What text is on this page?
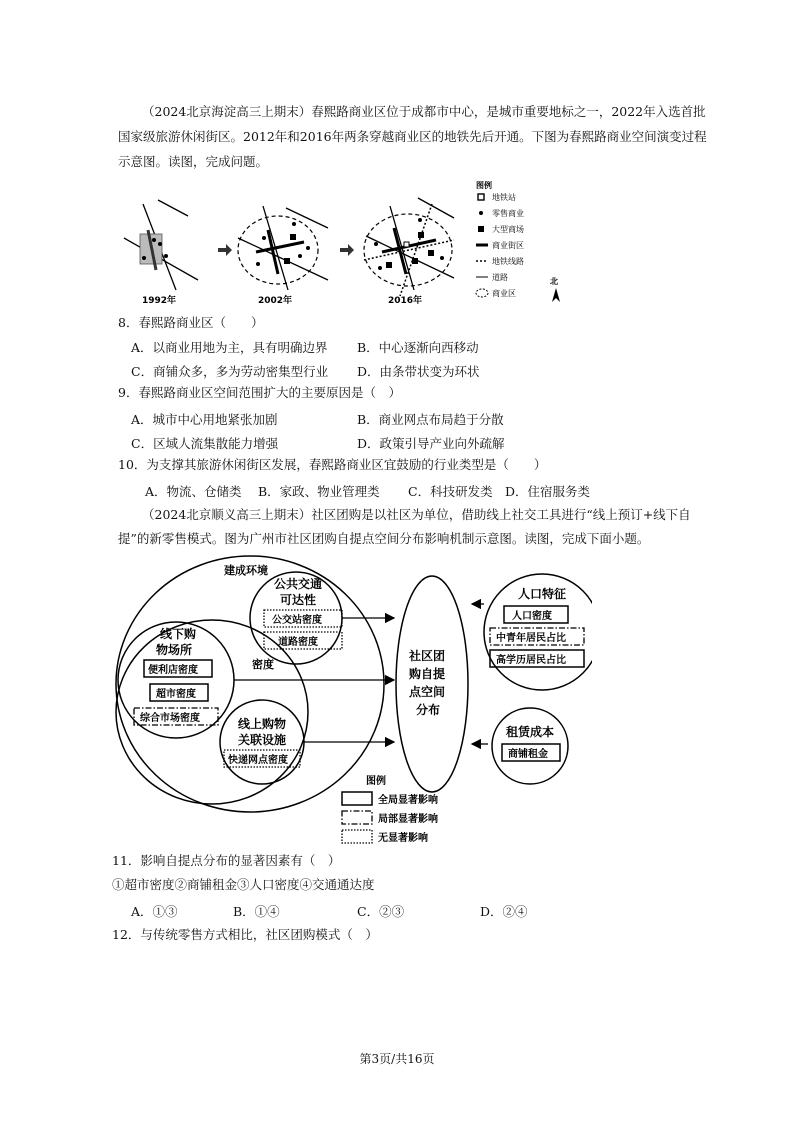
（2024北京海淀高三上期末）春熙路商业区位于成都市中心，是城市重要地标之一，2022年入选首批
国家级旅游休闲街区。2012年和2016年两条穿越商业区的地铁先后开通。下图为春熙路商业空间演变过程
示意图。读图，完成问题。
1992年	2002年	2016年
图例
地铁站
零售商业
大型商场
商业街区
地铁线路
道路
商业区
北
8．春熙路商业区（　　）
A．以商业用地为主，具有明确边界 B．中心逐渐向西移动
C．商铺众多，多为劳动密集型行业 D．由条带状变为环状
9．春熙路商业区空间范围扩大的主要原因是（　）
A．城市中心用地紧张加剧	B．商业网点布局趋于分散
C．区域人流集散能力增强	D．政策引导产业向外疏解
10．为支撑其旅游休闲街区发展，春熙路商业区宜鼓励的行业类型是（　　）
A．物流、仓储类 B．家政、物业管理类 C．科技研发类 D．住宿服务类
（2024北京顺义高三上期末）社区团购是以社区为单位，借助线上社交工具进行“线上预订+线下自
提”的新零售模式。图为广州市社区团购自提点空间分布影响机制示意图。读图，完成下面小题。
建成环境
公共交通
可达性
公交站密度
道路密度
密度
线下购
物场所
便利店密度
超市密度
综合市场密度	线上购物
关联设施
快递网点密度
社区团
购自提
点空间
分布
人口特征
人口密度
中青年居民占比
高学历居民占比
租赁成本
商铺租金
图例
全局显著影响
局部显著影响
无显著影响
11．影响自提点分布的显著因素有（　）
①超市密度②商铺租金③人口密度④交通通达度
A．①③	B．①④	C．②③	D．②④
12．与传统零售方式相比，社区团购模式（　）
第3页/共16页
